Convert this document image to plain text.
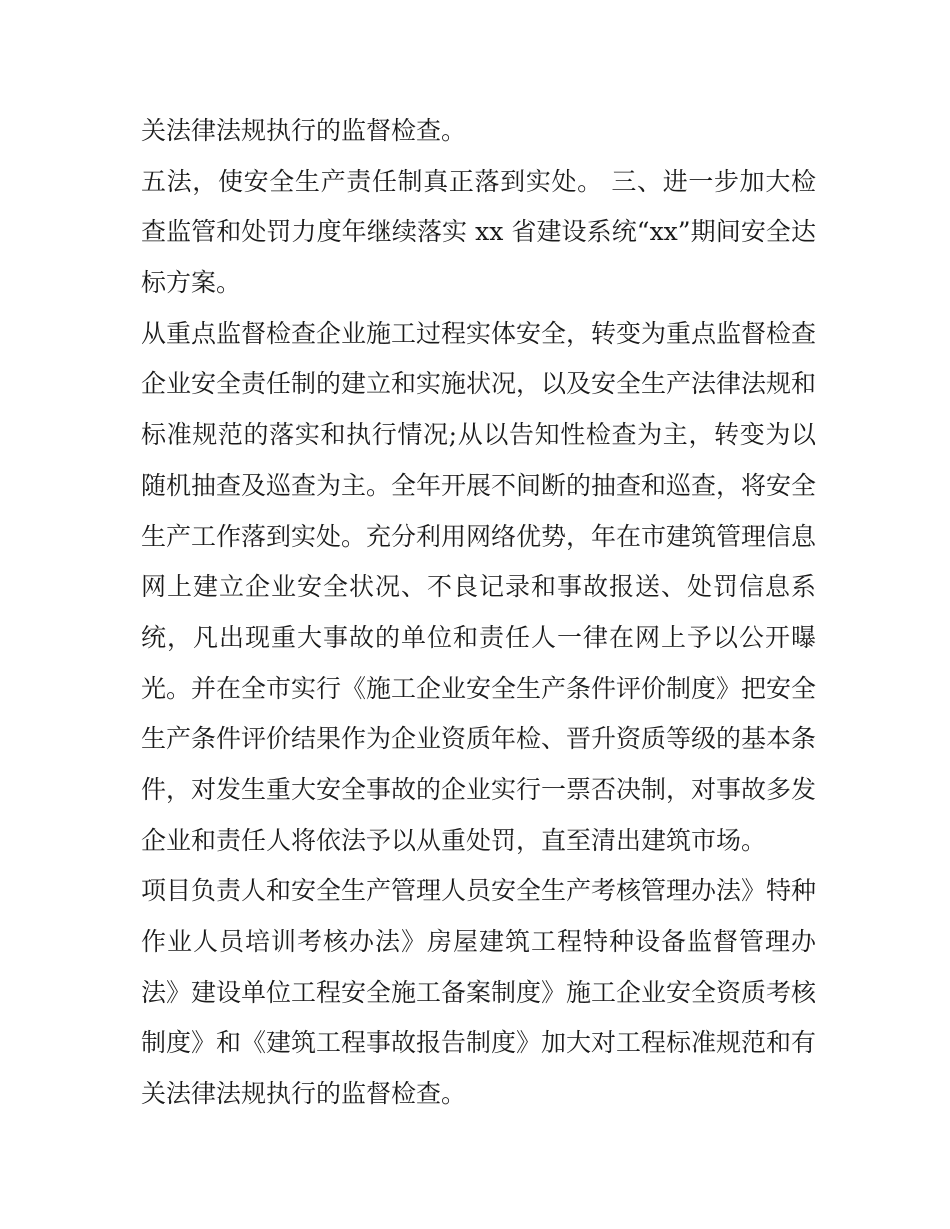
关法律法规执行的监督检查。
五法，使安全生产责任制真正落到实处。 三、进一步加大检
查监管和处罚力度年继续落实 xx 省建设系统“xx”期间安全达
标方案。
从重点监督检查企业施工过程实体安全，转变为重点监督检查
企业安全责任制的建立和实施状况，以及安全生产法律法规和
标准规范的落实和执行情况;从以告知性检查为主，转变为以
随机抽查及巡查为主。全年开展不间断的抽查和巡查，将安全
生产工作落到实处。充分利用网络优势，年在市建筑管理信息
网上建立企业安全状况、不良记录和事故报送、处罚信息系
统，凡出现重大事故的单位和责任人一律在网上予以公开曝
光。并在全市实行《施工企业安全生产条件评价制度》把安全
生产条件评价结果作为企业资质年检、晋升资质等级的基本条
件，对发生重大安全事故的企业实行一票否决制，对事故多发
企业和责任人将依法予以从重处罚，直至清出建筑市场。
项目负责人和安全生产管理人员安全生产考核管理办法》特种
作业人员培训考核办法》房屋建筑工程特种设备监督管理办
法》建设单位工程安全施工备案制度》施工企业安全资质考核
制度》和《建筑工程事故报告制度》加大对工程标准规范和有
关法律法规执行的监督检查。
